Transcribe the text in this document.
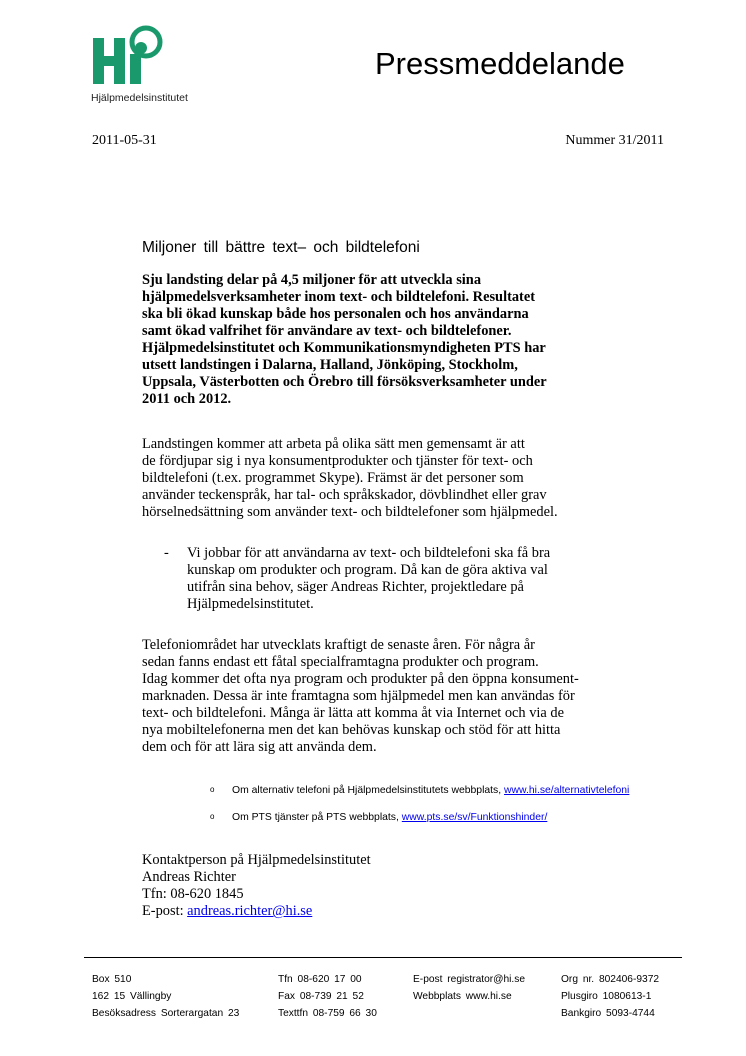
Hjälpmedelsinstitutet
Pressmeddelande
2011-05-31	Nummer 31/2011
Miljoner till bättre text– och bildtelefoni
Sju landsting delar på 4,5 miljoner för att utveckla sina
hjälpmedelsverksamheter inom text- och bildtelefoni. Resultatet
ska bli ökad kunskap både hos personalen och hos användarna
samt ökad valfrihet för användare av text- och bildtelefoner.
Hjälpmedelsinstitutet och Kommunikationsmyndigheten PTS har
utsett landstingen i Dalarna, Halland, Jönköping, Stockholm,
Uppsala, Västerbotten och Örebro till försöksverksamheter under
2011 och 2012.
Landstingen kommer att arbeta på olika sätt men gemensamt är att
de fördjupar sig i nya konsumentprodukter och tjänster för text- och
bildtelefoni (t.ex. programmet Skype). Främst är det personer som
använder teckenspråk, har tal- och språkskador, dövblindhet eller grav
hörselnedsättning som använder text- och bildtelefoner som hjälpmedel.
- Vi jobbar för att användarna av text- och bildtelefoni ska få bra
kunskap om produkter och program. Då kan de göra aktiva val
utifrån sina behov, säger Andreas Richter, projektledare på
Hjälpmedelsinstitutet.
Telefoniområdet har utvecklats kraftigt de senaste åren. För några år
sedan fanns endast ett fåtal specialframtagna produkter och program.
Idag kommer det ofta nya program och produkter på den öppna konsument-
marknaden. Dessa är inte framtagna som hjälpmedel men kan användas för
text- och bildtelefoni. Många är lätta att komma åt via Internet och via de
nya mobiltelefonerna men det kan behövas kunskap och stöd för att hitta
dem och för att lära sig att använda dem.
o Om alternativ telefoni på Hjälpmedelsinstitutets webbplats, www.hi.se/alternativtelefoni
o Om PTS tjänster på PTS webbplats, www.pts.se/sv/Funktionshinder/
Kontaktperson på Hjälpmedelsinstitutet
Andreas Richter
Tfn: 08-620 1845
E-post: andreas.richter@hi.se
Box 510
162 15 Vällingby
Besöksadress Sorterargatan 23
Tfn 08-620 17 00
Fax 08-739 21 52
Texttfn 08-759 66 30
E-post registrator@hi.se
Webbplats www.hi.se
Org nr. 802406-9372
Plusgiro 1080613-1
Bankgiro 5093-4744
